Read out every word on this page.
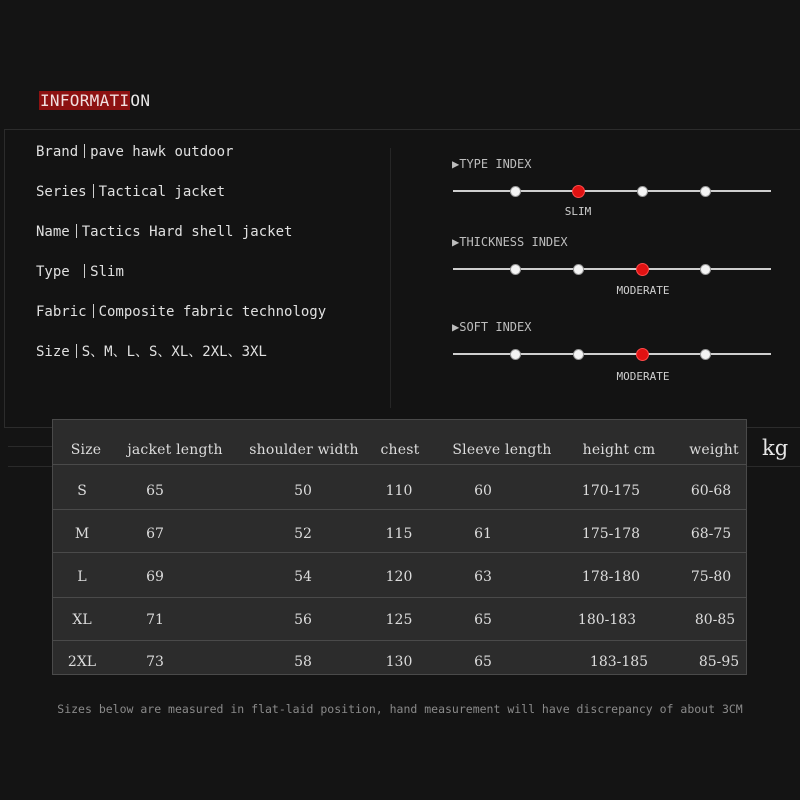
INFORMATION
Brand pave hawk outdoor
Series Tactical jacket
Name Tactics Hard shell jacket
Type Slim
Fabric Composite fabric technology
Size S、M、L、S、XL、2XL、3XL
▶TYPE INDEX
SLIM
▶THICKNESS INDEX
MODERATE
▶SOFT INDEX
MODERATE
Size	jacket length	shoulder width	chest	Sleeve length	height cm	weight
S	65	50	110	60	170-175	60-68
M	67	52	115	61	175-178	68-75
L	69	54	120	63	178-180	75-80
XL	71	56	125	65	180-183	80-85
2XL	73	58	130	65	183-185	85-95
kg
Sizes below are measured in flat-laid position, hand measurement will have discrepancy of about 3CM
